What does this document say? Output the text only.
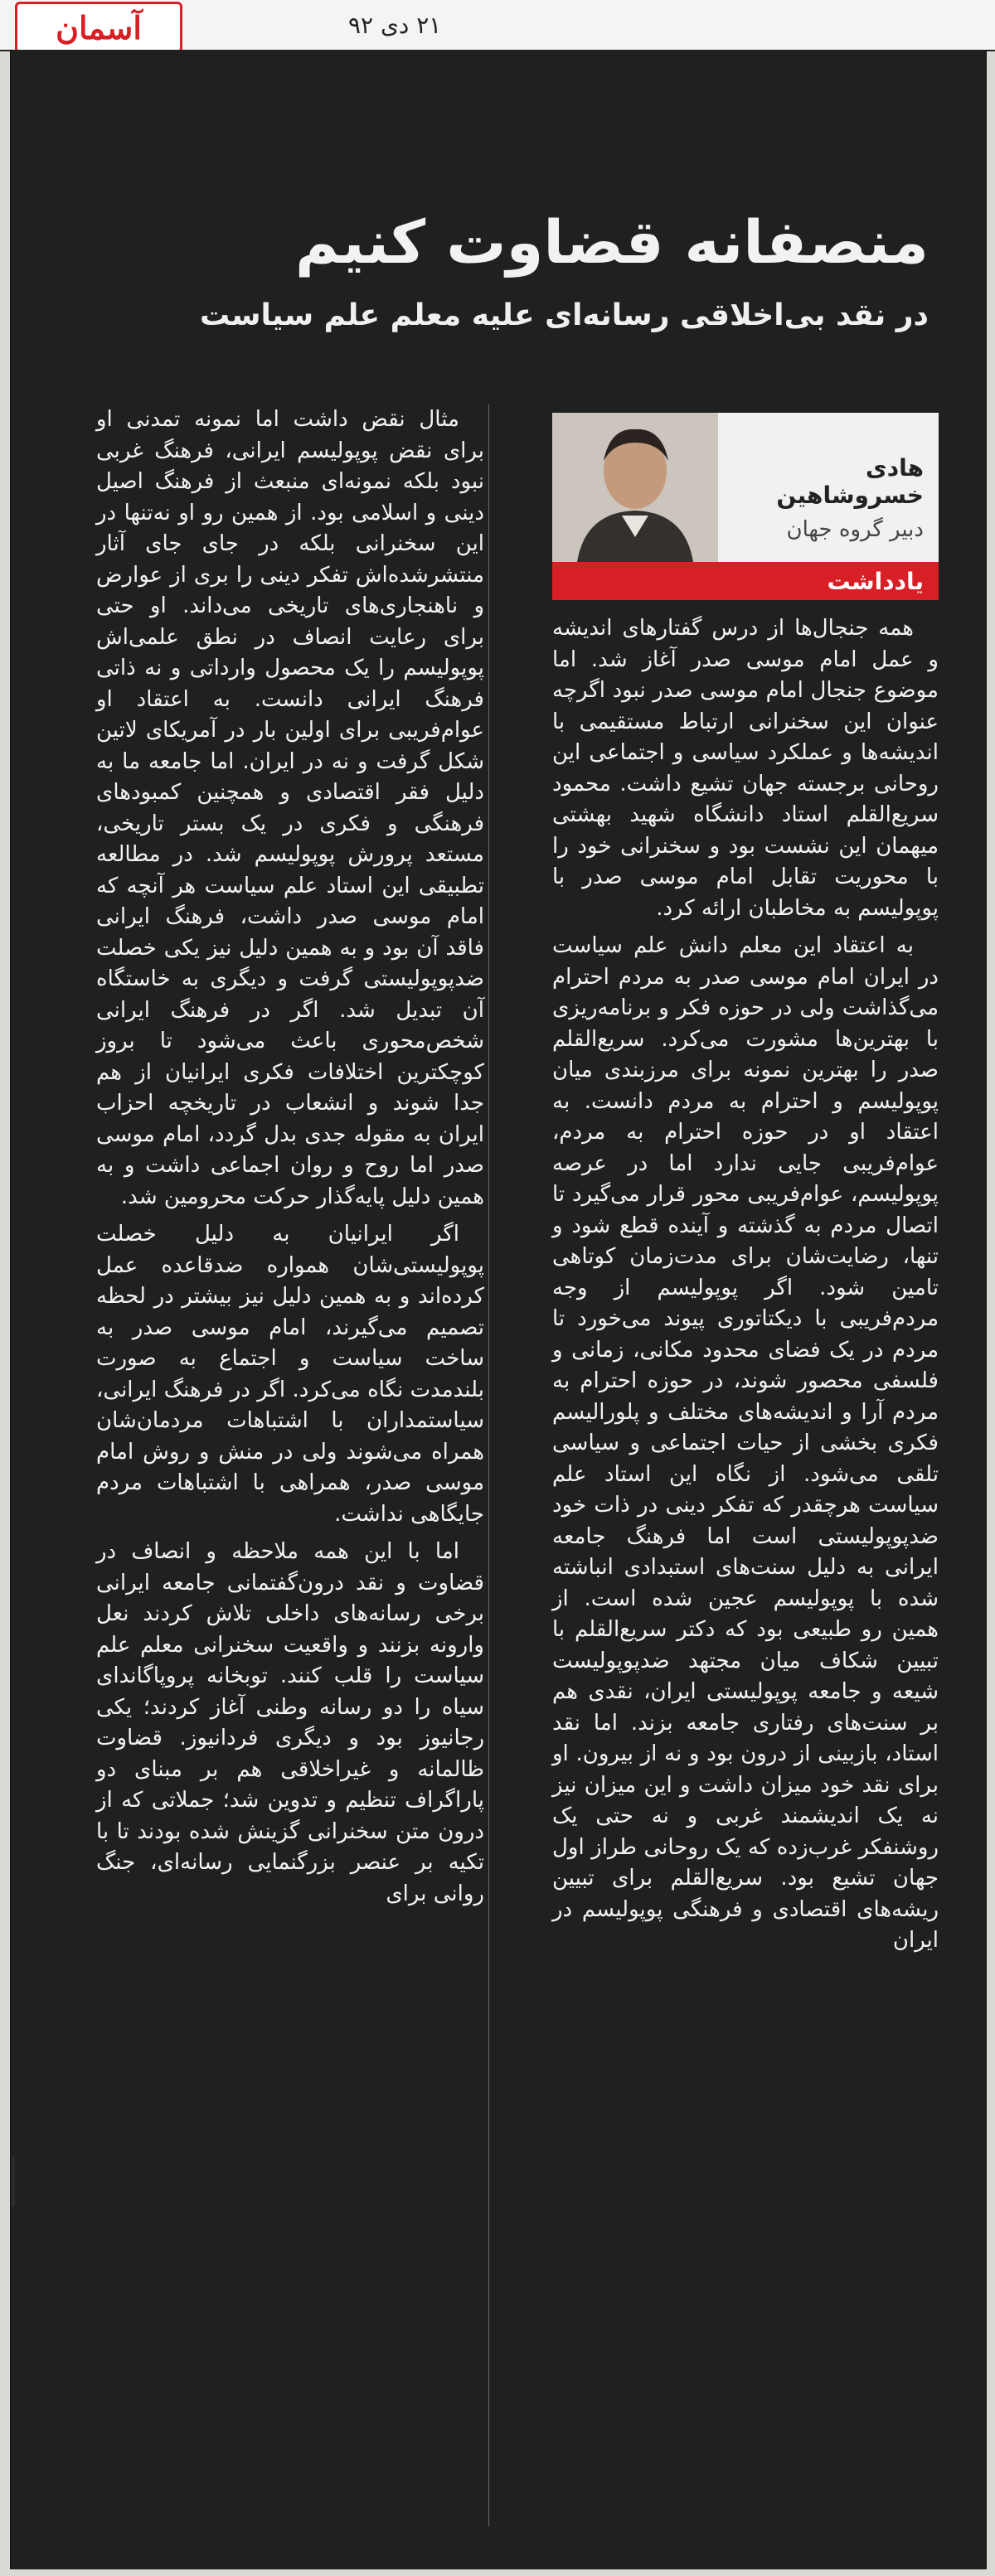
آسمان	۲۱ دی ۹۲
منصفانه قضاوت کنیم
در نقد بی‌اخلاقی رسانه‌ای علیه معلم علم سیاست
هادی خسروشاهین
دبیر گروه جهان
یادداشت

همه جنجال‌ها از درس گفتارهای اندیشه و عمل امام موسی صدر آغاز شد. اما موضوع جنجال امام موسی صدر نبود اگرچه عنوان این سخنرانی ارتباط مستقیمی با اندیشه‌ها و عملکرد سیاسی و اجتماعی این روحانی برجسته جهان تشیع داشت. محمود سریع‌القلم استاد دانشگاه شهید بهشتی میهمان این نشست بود و سخنرانی خود را با محوریت تقابل امام موسی صدر با پوپولیسم به مخاطبان ارائه کرد.

به اعتقاد این معلم دانش علم سیاست در ایران امام موسی صدر به مردم احترام می‌گذاشت ولی در حوزه فکر و برنامه‌ریزی با بهترین‌ها مشورت می‌کرد. سریع‌القلم صدر را بهترین نمونه برای مرزبندی میان پوپولیسم و احترام به مردم دانست. به اعتقاد او در حوزه احترام به مردم، عوام‌فریبی جایی ندارد اما در عرصه پوپولیسم، عوام‌فریبی محور قرار می‌گیرد تا اتصال مردم به گذشته و آینده قطع شود و تنها، رضایت‌شان برای مدت‌زمان کوتاهی تامین شود. اگر پوپولیسم از وجه مردم‌فریبی با دیکتاتوری پیوند می‌خورد تا مردم در یک فضای محدود مکانی، زمانی و فلسفی محصور شوند، در حوزه احترام به مردم آرا و اندیشه‌های مختلف و پلورالیسم فکری بخشی از حیات اجتماعی و سیاسی تلقی می‌شود. از نگاه این استاد علم سیاست هرچقدر که تفکر دینی در ذات خود ضدپوپولیستی است اما فرهنگ جامعه ایرانی به دلیل سنت‌های استبدادی انباشته شده با پوپولیسم عجین شده است. از همین رو طبیعی بود که دکتر سریع‌القلم با تبیین شکاف میان مجتهد ضدپوپولیست شیعه و جامعه پوپولیستی ایران، نقدی هم بر سنت‌های رفتاری جامعه بزند. اما نقد استاد، بازبینی از درون بود و نه از بیرون. او برای نقد خود میزان داشت و این میزان نیز نه یک اندیشمند غربی و نه حتی یک روشنفکر غرب‌زده که یک روحانی طراز اول جهان تشیع بود. سریع‌القلم برای تبیین ریشه‌های اقتصادی و فرهنگی پوپولیسم در ایران

مثال نقض داشت اما نمونه تمدنی او برای نقض پوپولیسم ایرانی، فرهنگ غربی نبود بلکه نمونه‌ای منبعث از فرهنگ اصیل دینی و اسلامی بود. از همین رو او نه‌تنها در این سخنرانی بلکه در جای جای آثار منتشرشده‌اش تفکر دینی را بری از عوارض و ناهنجاری‌های تاریخی می‌داند. او حتی برای رعایت انصاف در نطق علمی‌اش پوپولیسم را یک محصول وارداتی و نه ذاتی فرهنگ ایرانی دانست. به اعتقاد او عوام‌فریبی برای اولین بار در آمریکای لاتین شکل گرفت و نه در ایران. اما جامعه ما به دلیل فقر اقتصادی و همچنین کمبودهای فرهنگی و فکری در یک بستر تاریخی، مستعد پرورش پوپولیسم شد. در مطالعه تطبیقی این استاد علم سیاست هر آنچه که امام موسی صدر داشت، فرهنگ ایرانی فاقد آن بود و به همین دلیل نیز یکی خصلت ضدپوپولیستی گرفت و دیگری به خاستگاه آن تبدیل شد. اگر در فرهنگ ایرانی شخص‌محوری باعث می‌شود تا بروز کوچکترین اختلافات فکری ایرانیان از هم جدا شوند و انشعاب در تاریخچه احزاب ایران به مقوله جدی بدل گردد، امام موسی صدر اما روح و روان اجماعی داشت و به همین دلیل پایه‌گذار حرکت محرومین شد.

اگر ایرانیان به دلیل خصلت پوپولیستی‌شان همواره ضدقاعده عمل کرده‌اند و به همین دلیل نیز بیشتر در لحظه تصمیم می‌گیرند، امام موسی صدر به ساخت سیاست و اجتماع به صورت بلندمدت نگاه می‌کرد. اگر در فرهنگ ایرانی، سیاستمداران با اشتباهات مردمان‌شان همراه می‌شوند ولی در منش و روش امام موسی صدر، همراهی با اشتباهات مردم جایگاهی نداشت.

اما با این همه ملاحظه و انصاف در قضاوت و نقد درون‌گفتمانی جامعه ایرانی برخی رسانه‌های داخلی تلاش کردند نعل وارونه بزنند و واقعیت سخنرانی معلم علم سیاست را قلب کنند. توبخانه پروپاگاندای سیاه را دو رسانه وطنی آغاز کردند؛ یکی رجانیوز بود و دیگری فردانیوز. قضاوت ظالمانه و غیراخلاقی هم بر مبنای دو پاراگراف تنظیم و تدوین شد؛ جملاتی که از درون متن سخنرانی گزینش شده بودند تا با تکیه بر عنصر بزرگنمایی رسانه‌ای، جنگ روانی برای
